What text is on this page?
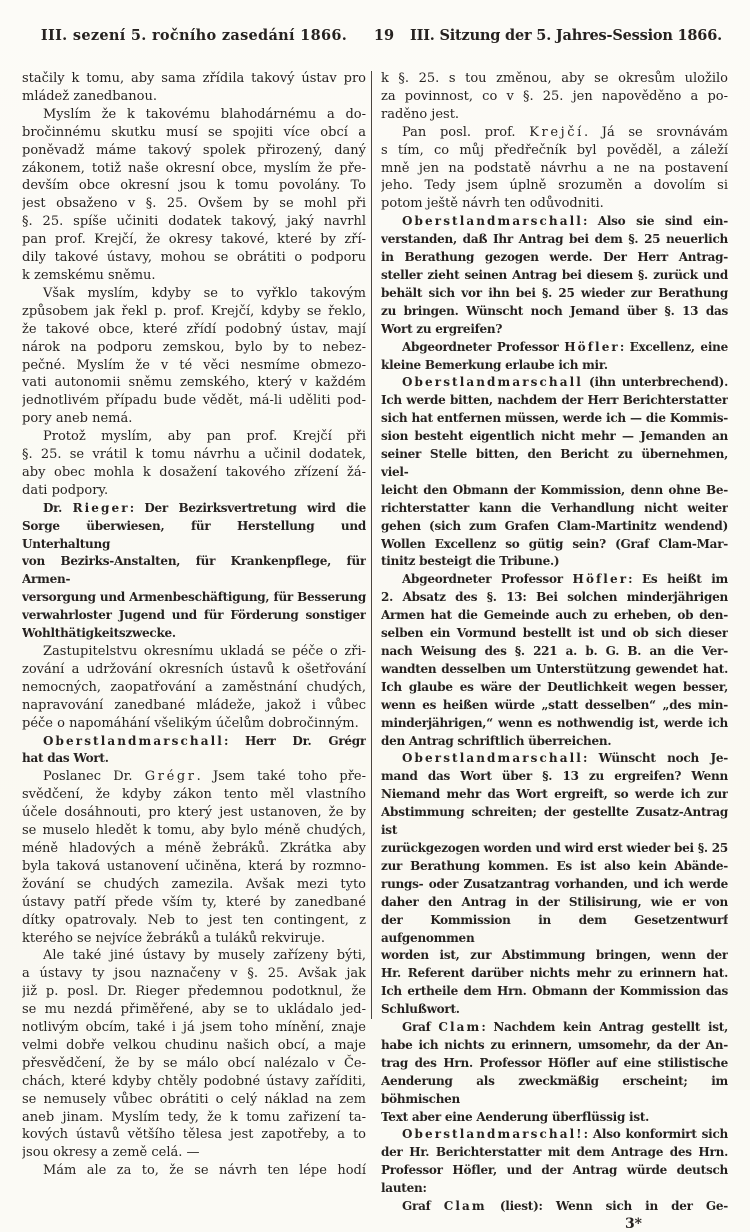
III. sezení 5. ročního zasedání 1866.	19	III. Sitzung der 5. Jahres-Session 1866.
stačily k tomu, aby sama zřídila takový ústav pro
mládež zanedbanou.
Myslím že k takovému blahodárnému a do-
bročinnému skutku musí se spojiti více obcí a
poněvadž máme takový spolek přirozený, daný
zákonem, totiž naše okresní obce, myslím že pře-
devším obce okresní jsou k tomu povolány. To
jest obsaženo v §. 25. Ovšem by se mohl při
§. 25. spíše učiniti dodatek takový, jaký navrhl
pan prof. Krejčí, že okresy takové, které by zří-
dily takové ústavy, mohou se obrátiti o podporu
k zemskému sněmu.
Však myslím, kdyby se to vyřklo takovým
způsobem jak řekl p. prof. Krejčí, kdyby se řeklo,
že takové obce, které zřídí podobný ústav, mají
nárok na podporu zemskou, bylo by to nebez-
pečné. Myslím že v té věci nesmíme obmezo-
vati autonomii sněmu zemského, který v každém
jednotlivém případu bude vědět, má-li uděliti pod-
pory aneb nemá.
Protož myslím, aby pan prof. Krejčí při
§. 25. se vrátil k tomu návrhu a učinil dodatek,
aby obec mohla k dosažení takového zřízení žá-
dati podpory.
Dr. Rieger: Der Bezirksvertretung wird die
Sorge überwiesen, für Herstellung und Unterhaltung
von Bezirks-Anstalten, für Krankenpflege, für Armen-
versorgung und Armenbeschäftigung, für Besserung
verwahrloster Jugend und für Förderung sonstiger
Wohlthätigkeitszwecke.
Zastupitelstvu okresnímu ukladá se péče o zři-
zování a udržování okresních ústavů k ošetřování
nemocných, zaopatřování a zaměstnání chudých,
napravování zanedbané mládeže, jakož i vůbec
péče o napomáhání všelikým účelům dobročinným.
Oberstlandmarschall: Herr Dr. Grégr
hat das Wort.
Poslanec Dr. Grégr. Jsem také toho pře-
svědčení, že kdyby zákon tento měl vlastního
účele dosáhnouti, pro který jest ustanoven, že by
se muselo hledět k tomu, aby bylo méně chudých,
méně hladových a méně žebráků. Zkrátka aby
byla taková ustanovení učiněna, která by rozmno-
žování se chudých zamezila. Avšak mezi tyto
ústavy patří přede vším ty, které by zanedbané
dítky opatrovaly. Neb to jest ten contingent, z
kterého se nejvíce žebráků a tuláků rekviruje.
Ale také jiné ústavy by musely zařízeny býti,
a ústavy ty jsou naznačeny v §. 25. Avšak jak
již p. posl. Dr. Rieger předemnou podotknul, že
se mu nezdá přiměřené, aby se to ukládalo jed-
notlivým obcím, také i já jsem toho mínění, znaje
velmi dobře velkou chudinu našich obcí, a maje
přesvědčení, že by se málo obcí nalézalo v Če-
chách, které kdyby chtěly podobné ústavy zaříditi,
se nemusely vůbec obrátiti o celý náklad na zem
aneb jinam. Myslím tedy, že k tomu zařizení ta-
kových ústavů většího tělesa jest zapotřeby, a to
jsou okresy a země celá. —
Mám ale za to, že se návrh ten lépe hodí
k §. 25. s tou změnou, aby se okresům uložilo
za povinnost, co v §. 25. jen napověděno a po-
raděno jest.
Pan posl. prof. Krejčí. Já se srovnávám
s tím, co můj předřečník byl pověděl, a záleží
mně jen na podstatě návrhu a ne na postavení
jeho. Tedy jsem úplně srozuměn a dovolím si
potom ještě návrh ten odůvodniti.
Oberstlandmarschall: Also sie sind ein-
verstanden, daß Ihr Antrag bei dem §. 25 neuerlich
in Berathung gezogen werde. Der Herr Antrag-
steller zieht seinen Antrag bei diesem §. zurück und
behält sich vor ihn bei §. 25 wieder zur Berathung
zu bringen. Wünscht noch Jemand über §. 13 das
Wort zu ergreifen?
Abgeordneter Professor Höfler: Excellenz, eine
kleine Bemerkung erlaube ich mir.
Oberstlandmarschall (ihn unterbrechend).
Ich werde bitten, nachdem der Herr Berichterstatter
sich hat entfernen müssen, werde ich — die Kommis-
sion besteht eigentlich nicht mehr — Jemanden an
seiner Stelle bitten, den Bericht zu übernehmen, viel-
leicht den Obmann der Kommission, denn ohne Be-
richterstatter kann die Verhandlung nicht weiter
gehen (sich zum Grafen Clam-Martinitz wendend)
Wollen Excellenz so gütig sein? (Graf Clam-Mar-
tinitz besteigt die Tribune.)
Abgeordneter Professor Höfler: Es heißt im
2. Absatz des §. 13: Bei solchen minderjährigen
Armen hat die Gemeinde auch zu erheben, ob den-
selben ein Vormund bestellt ist und ob sich dieser
nach Weisung des §. 221 a. b. G. B. an die Ver-
wandten desselben um Unterstützung gewendet hat.
Ich glaube es wäre der Deutlichkeit wegen besser,
wenn es heißen würde „statt desselben“ „des min-
minderjährigen,“ wenn es nothwendig ist, werde ich
den Antrag schriftlich überreichen.
Oberstlandmarschall: Wünscht noch Je-
mand das Wort über §. 13 zu ergreifen? Wenn
Niemand mehr das Wort ergreift, so werde ich zur
Abstimmung schreiten; der gestellte Zusatz-Antrag ist
zurückgezogen worden und wird erst wieder bei §. 25
zur Berathung kommen. Es ist also kein Abände-
rungs- oder Zusatzantrag vorhanden, und ich werde
daher den Antrag in der Stilisirung, wie er von
der Kommission in dem Gesetzentwurf aufgenommen
worden ist, zur Abstimmung bringen, wenn der
Hr. Referent darüber nichts mehr zu erinnern hat.
Ich ertheile dem Hrn. Obmann der Kommission das
Schlußwort.
Graf Clam: Nachdem kein Antrag gestellt ist,
habe ich nichts zu erinnern, umsomehr, da der An-
trag des Hrn. Professor Höfler auf eine stilistische
Aenderung als zweckmäßig erscheint; im böhmischen
Text aber eine Aenderung überflüssig ist.
Oberstlandmarschal!: Also konformirt sich
der Hr. Berichterstatter mit dem Antrage des Hrn.
Professor Höfler, und der Antrag würde deutsch
lauten:
Graf Clam (liest): Wenn sich in der Ge-
3*
